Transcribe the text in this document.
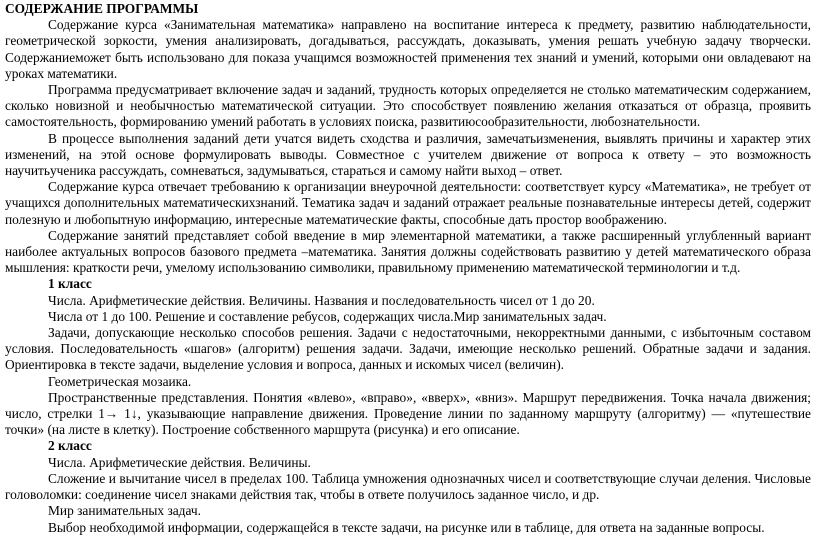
СОДЕРЖАНИЕ ПРОГРАММЫ

Содержание курса «Занимательная математика» направлено на воспитание интереса к предмету, развитию наблюдательности, геометрической зоркости, умения анализировать, догадываться, рассуждать, доказывать, умения решать учебную задачу творчески. Содержаниеможет быть использовано для показа учащимся возможностей применения тех знаний и умений, которыми они овладевают на уроках математики.

Программа предусматривает включение задач и заданий, трудность которых определяется не столько математическим содержанием, сколько новизной и необычностью математической ситуации. Это способствует появлению желания отказаться от образца, проявить самостоятельность, формированию умений работать в условиях поиска, развитиюсообразительности, любознательности.

В процессе выполнения заданий дети учатся видеть сходства и различия, замечатьизменения, выявлять причины и характер этих изменений, на этой основе формулировать выводы. Совместное с учителем движение от вопроса к ответу – это возможность научитьученика рассуждать, сомневаться, задумываться, стараться и самому найти выход – ответ.

Содержание курса отвечает требованию к организации внеурочной деятельности: соответствует курсу «Математика», не требует от учащихся дополнительных математическихзнаний. Тематика задач и заданий отражает реальные познавательные интересы детей, содержит полезную и любопытную информацию, интересные математические факты, способные дать простор воображению.

Содержание занятий представляет собой введение в мир элементарной математики, а также расширенный углубленный вариант наиболее актуальных вопросов базового предмета –математика. Занятия должны содействовать развитию у детей математического образа мышления: краткости речи, умелому использованию символики, правильному применению математической терминологии и т.д.

1 класс

Числа. Арифметические действия. Величины. Названия и последовательность чисел от 1 до 20.

Числа от 1 до 100. Решение и составление ребусов, содержащих числа.Мир занимательных задач.

Задачи, допускающие несколько способов решения. Задачи с недостаточными, некорректными данными, с избыточным составом условия. Последовательность «шагов» (алгоритм) решения задачи. Задачи, имеющие несколько решений. Обратные задачи и задания. Ориентировка в тексте задачи, выделение условия и вопроса, данных и искомых чисел (величин).

Геометрическая мозаика.

Пространственные представления. Понятия «влево», «вправо», «вверх», «вниз». Маршрут передвижения. Точка начала движения; число, стрелки 1→ 1↓, указывающие направление движения. Проведение линии по заданному маршруту (алгоритму) — «путешествие точки» (на листе в клетку). Построение собственного маршрута (рисунка) и его описание.

2 класс

Числа. Арифметические действия. Величины.

Сложение и вычитание чисел в пределах 100. Таблица умножения однозначных чисел и соответствующие случаи деления. Числовые головоломки: соединение чисел знаками действия так, чтобы в ответе получилось заданное число, и др.

Мир занимательных задач.

Выбор необходимой информации, содержащейся в тексте задачи, на рисунке или в таблице, для ответа на заданные вопросы.
